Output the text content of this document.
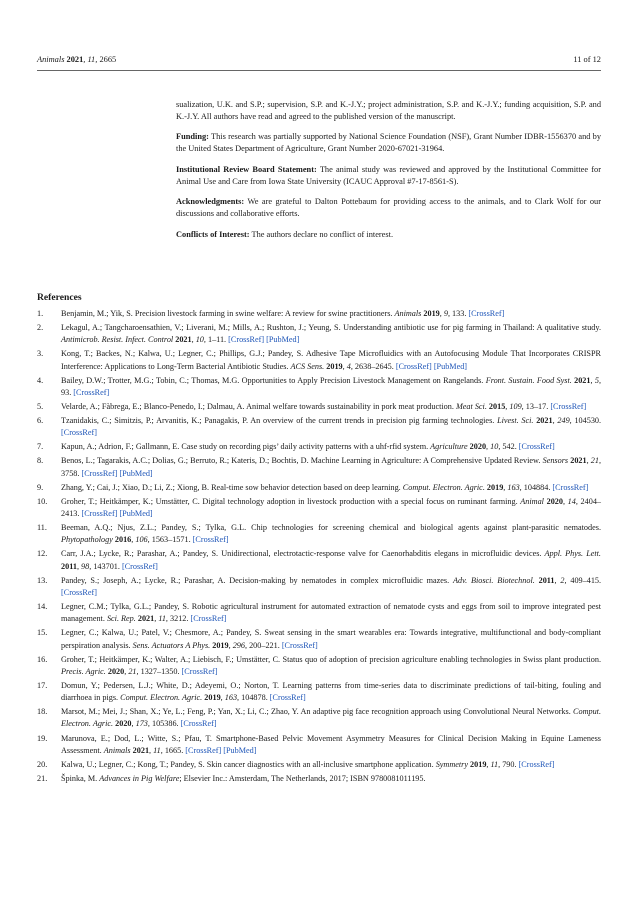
Animals 2021, 11, 2665	11 of 12

sualization, U.K. and S.P.; supervision, S.P. and K.-J.Y.; project administration, S.P. and K.-J.Y.; funding acquisition, S.P. and K.-J.Y. All authors have read and agreed to the published version of the manuscript.

Funding: This research was partially supported by National Science Foundation (NSF), Grant Number IDBR-1556370 and by the United States Department of Agriculture, Grant Number 2020-67021-31964.

Institutional Review Board Statement: The animal study was reviewed and approved by the Institutional Committee for Animal Use and Care from Iowa State University (ICAUC Approval #7-17-8561-S).

Acknowledgments: We are grateful to Dalton Pottebaum for providing access to the animals, and to Clark Wolf for our discussions and collaborative efforts.

Conflicts of Interest: The authors declare no conflict of interest.

References
1. Benjamin, M.; Yik, S. Precision livestock farming in swine welfare: A review for swine practitioners. Animals 2019, 9, 133. [CrossRef]
2. Lekagul, A.; Tangcharoensathien, V.; Liverani, M.; Mills, A.; Rushton, J.; Yeung, S. Understanding antibiotic use for pig farming in Thailand: A qualitative study. Antimicrob. Resist. Infect. Control 2021, 10, 1–11. [CrossRef] [PubMed]
3. Kong, T.; Backes, N.; Kalwa, U.; Legner, C.; Phillips, G.J.; Pandey, S. Adhesive Tape Microfluidics with an Autofocusing Module That Incorporates CRISPR Interference: Applications to Long-Term Bacterial Antibiotic Studies. ACS Sens. 2019, 4, 2638–2645. [CrossRef] [PubMed]
4. Bailey, D.W.; Trotter, M.G.; Tobin, C.; Thomas, M.G. Opportunities to Apply Precision Livestock Management on Rangelands. Front. Sustain. Food Syst. 2021, 5, 93. [CrossRef]
5. Velarde, A.; Fàbrega, E.; Blanco-Penedo, I.; Dalmau, A. Animal welfare towards sustainability in pork meat production. Meat Sci. 2015, 109, 13–17. [CrossRef]
6. Tzanidakis, C.; Simitzis, P.; Arvanitis, K.; Panagakis, P. An overview of the current trends in precision pig farming technologies. Livest. Sci. 2021, 249, 104530. [CrossRef]
7. Kapun, A.; Adrion, F.; Gallmann, E. Case study on recording pigs’ daily activity patterns with a uhf-rfid system. Agriculture 2020, 10, 542. [CrossRef]
8. Benos, L.; Tagarakis, A.C.; Dolias, G.; Berruto, R.; Kateris, D.; Bochtis, D. Machine Learning in Agriculture: A Comprehensive Updated Review. Sensors 2021, 21, 3758. [CrossRef] [PubMed]
9. Zhang, Y.; Cai, J.; Xiao, D.; Li, Z.; Xiong, B. Real-time sow behavior detection based on deep learning. Comput. Electron. Agric. 2019, 163, 104884. [CrossRef]
10. Groher, T.; Heitkämper, K.; Umstätter, C. Digital technology adoption in livestock production with a special focus on ruminant farming. Animal 2020, 14, 2404–2413. [CrossRef] [PubMed]
11. Beeman, A.Q.; Njus, Z.L.; Pandey, S.; Tylka, G.L. Chip technologies for screening chemical and biological agents against plant-parasitic nematodes. Phytopathology 2016, 106, 1563–1571. [CrossRef]
12. Carr, J.A.; Lycke, R.; Parashar, A.; Pandey, S. Unidirectional, electrotactic-response valve for Caenorhabditis elegans in microfluidic devices. Appl. Phys. Lett. 2011, 98, 143701. [CrossRef]
13. Pandey, S.; Joseph, A.; Lycke, R.; Parashar, A. Decision-making by nematodes in complex microfluidic mazes. Adv. Biosci. Biotechnol. 2011, 2, 409–415. [CrossRef]
14. Legner, C.M.; Tylka, G.L.; Pandey, S. Robotic agricultural instrument for automated extraction of nematode cysts and eggs from soil to improve integrated pest management. Sci. Rep. 2021, 11, 3212. [CrossRef]
15. Legner, C.; Kalwa, U.; Patel, V.; Chesmore, A.; Pandey, S. Sweat sensing in the smart wearables era: Towards integrative, multifunctional and body-compliant perspiration analysis. Sens. Actuators A Phys. 2019, 296, 200–221. [CrossRef]
16. Groher, T.; Heitkämper, K.; Walter, A.; Liebisch, F.; Umstätter, C. Status quo of adoption of precision agriculture enabling technologies in Swiss plant production. Precis. Agric. 2020, 21, 1327–1350. [CrossRef]
17. Domun, Y.; Pedersen, L.J.; White, D.; Adeyemi, O.; Norton, T. Learning patterns from time-series data to discriminate predictions of tail-biting, fouling and diarrhoea in pigs. Comput. Electron. Agric. 2019, 163, 104878. [CrossRef]
18. Marsot, M.; Mei, J.; Shan, X.; Ye, L.; Feng, P.; Yan, X.; Li, C.; Zhao, Y. An adaptive pig face recognition approach using Convolutional Neural Networks. Comput. Electron. Agric. 2020, 173, 105386. [CrossRef]
19. Marunova, E.; Dod, L.; Witte, S.; Pfau, T. Smartphone-Based Pelvic Movement Asymmetry Measures for Clinical Decision Making in Equine Lameness Assessment. Animals 2021, 11, 1665. [CrossRef] [PubMed]
20. Kalwa, U.; Legner, C.; Kong, T.; Pandey, S. Skin cancer diagnostics with an all-inclusive smartphone application. Symmetry 2019, 11, 790. [CrossRef]
21. Špinka, M. Advances in Pig Welfare; Elsevier Inc.: Amsterdam, The Netherlands, 2017; ISBN 9780081011195.
